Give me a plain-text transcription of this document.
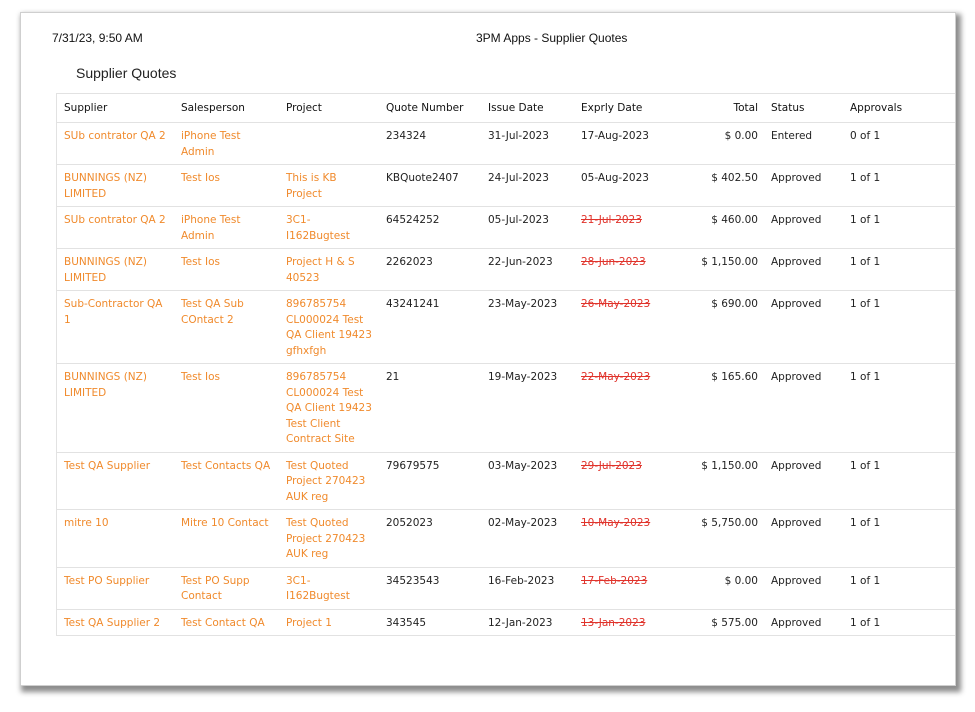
7/31/23, 9:50 AM	3PM Apps - Supplier Quotes
Supplier Quotes
Supplier	Salesperson	Project	Quote Number	Issue Date	Exprly Date	Total	Status	Approvals
SUb contrator QA 2	iPhone Test Admin		234324	31-Jul-2023	17-Aug-2023	$ 0.00	Entered	0 of 1
BUNNINGS (NZ) LIMITED	Test Ios	This is KB Project	KBQuote2407	24-Jul-2023	05-Aug-2023	$ 402.50	Approved	1 of 1
SUb contrator QA 2	iPhone Test Admin	3C1-I162Bugtest	64524252	05-Jul-2023	21-Jul-2023	$ 460.00	Approved	1 of 1
BUNNINGS (NZ) LIMITED	Test Ios	Project H & S 40523	2262023	22-Jun-2023	28-Jun-2023	$ 1,150.00	Approved	1 of 1
Sub-Contractor QA 1	Test QA Sub COntact 2	896785754 CL000024 Test QA Client 19423 gfhxfgh	43241241	23-May-2023	26-May-2023	$ 690.00	Approved	1 of 1
BUNNINGS (NZ) LIMITED	Test Ios	896785754 CL000024 Test QA Client 19423 Test Client Contract Site	21	19-May-2023	22-May-2023	$ 165.60	Approved	1 of 1
Test QA Supplier	Test Contacts QA	Test Quoted Project 270423 AUK reg	79679575	03-May-2023	29-Jul-2023	$ 1,150.00	Approved	1 of 1
mitre 10	Mitre 10 Contact	Test Quoted Project 270423 AUK reg	2052023	02-May-2023	10-May-2023	$ 5,750.00	Approved	1 of 1
Test PO Supplier	Test PO Supp Contact	3C1-I162Bugtest	34523543	16-Feb-2023	17-Feb-2023	$ 0.00	Approved	1 of 1
Test QA Supplier 2	Test Contact QA	Project 1	343545	12-Jan-2023	13-Jan-2023	$ 575.00	Approved	1 of 1
